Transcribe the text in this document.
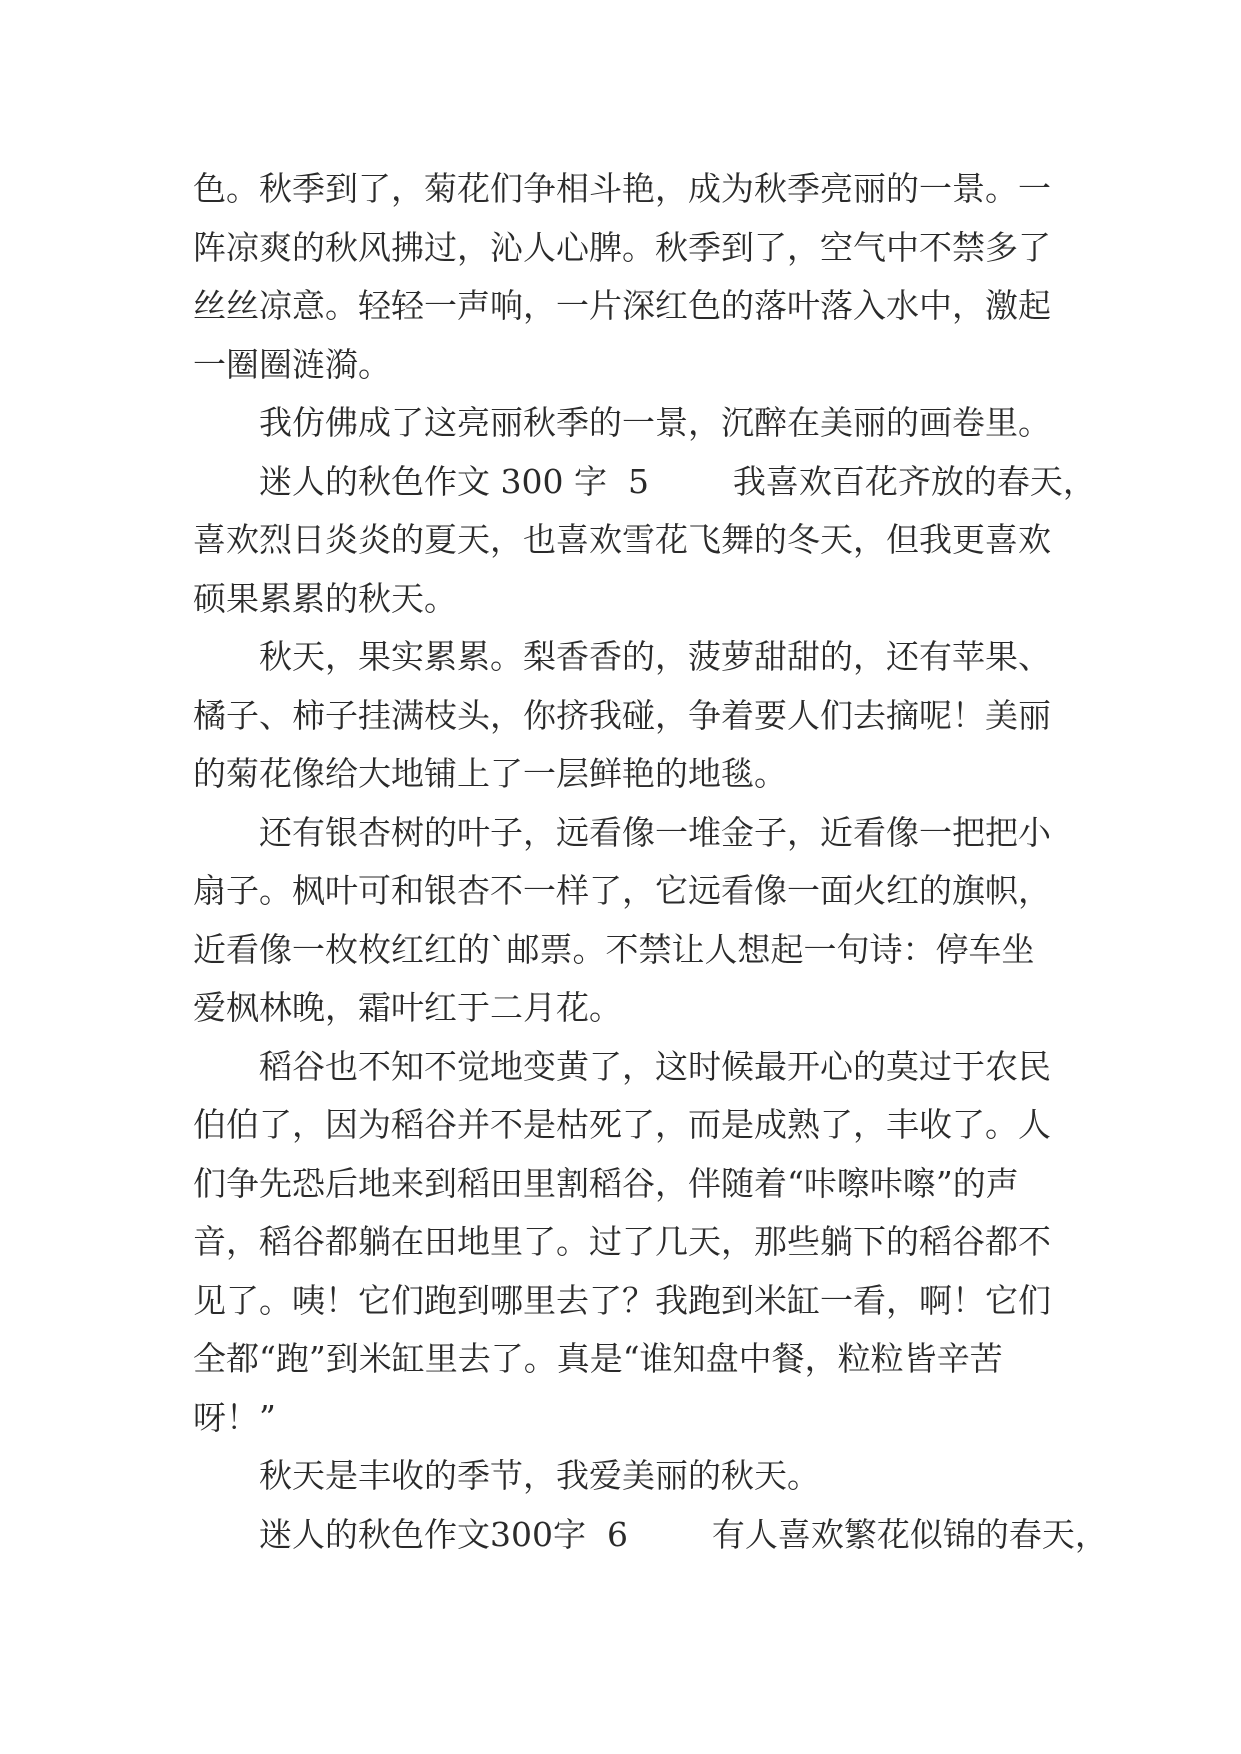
色。秋季到了，菊花们争相斗艳，成为秋季亮丽的一景。一
阵凉爽的秋风拂过，沁人心脾。秋季到了，空气中不禁多了
丝丝凉意。轻轻一声响，一片深红色的落叶落入水中，激起
一圈圈涟漪。
我仿佛成了这亮丽秋季的一景，沉醉在美丽的画卷里。
迷人的秋色作文 300 字  5        我喜欢百花齐放的春天，
喜欢烈日炎炎的夏天，也喜欢雪花飞舞的冬天，但我更喜欢
硕果累累的秋天。
秋天，果实累累。梨香香的，菠萝甜甜的，还有苹果、
橘子、柿子挂满枝头，你挤我碰，争着要人们去摘呢！美丽
的菊花像给大地铺上了一层鲜艳的地毯。
还有银杏树的叶子，远看像一堆金子，近看像一把把小
扇子。枫叶可和银杏不一样了，它远看像一面火红的旗帜，
近看像一枚枚红红的`邮票。不禁让人想起一句诗：停车坐
爱枫林晚，霜叶红于二月花。
稻谷也不知不觉地变黄了，这时候最开心的莫过于农民
伯伯了，因为稻谷并不是枯死了，而是成熟了，丰收了。人
们争先恐后地来到稻田里割稻谷，伴随着“咔嚓咔嚓”的声
音，稻谷都躺在田地里了。过了几天，那些躺下的稻谷都不
见了。咦！它们跑到哪里去了？我跑到米缸一看，啊！它们
全都“跑”到米缸里去了。真是“谁知盘中餐，粒粒皆辛苦
呀！”
秋天是丰收的季节，我爱美丽的秋天。
迷人的秋色作文300字  6        有人喜欢繁花似锦的春天，
